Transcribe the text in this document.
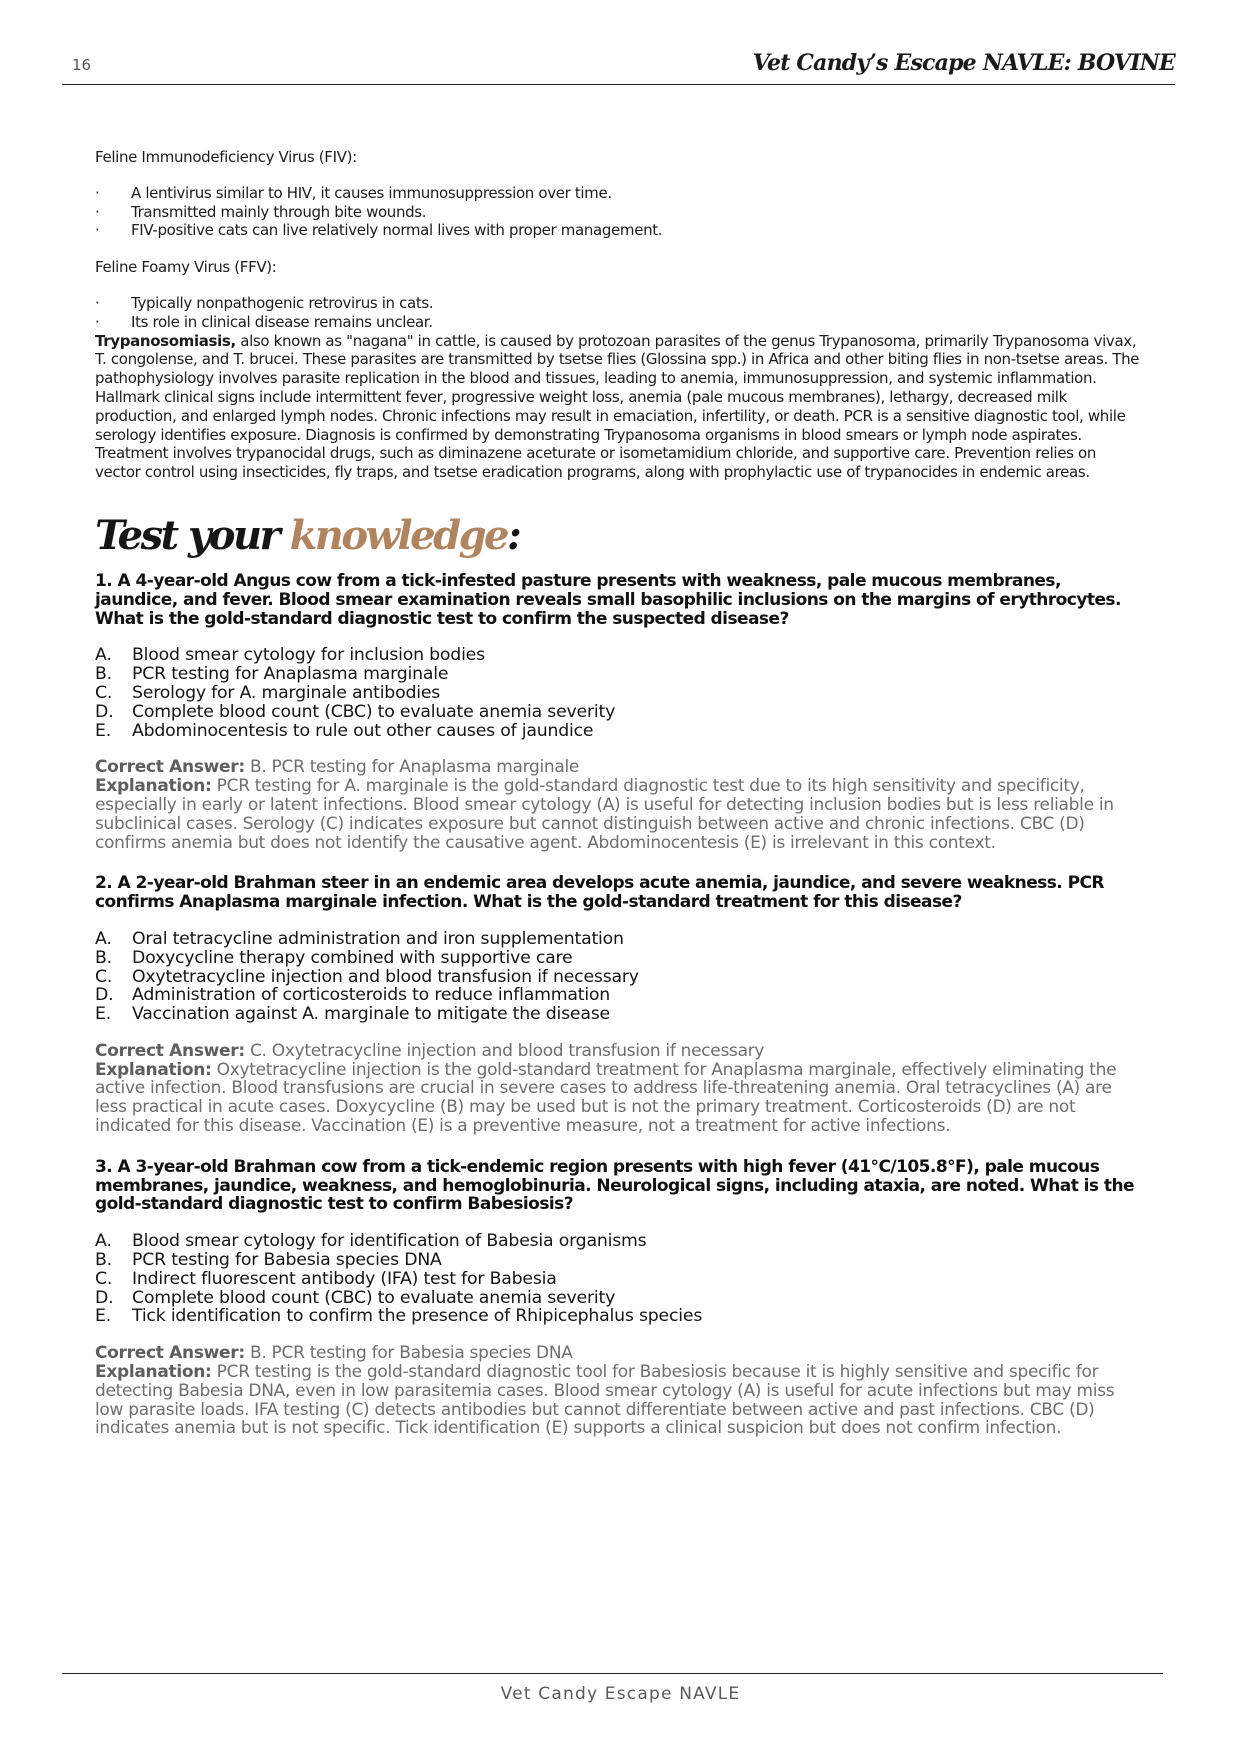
16	Vet Candy’s Escape NAVLE: BOVINE

Feline Immunodeficiency Virus (FIV):

· A lentivirus similar to HIV, it causes immunosuppression over time.
· Transmitted mainly through bite wounds.
· FIV-positive cats can live relatively normal lives with proper management.

Feline Foamy Virus (FFV):

· Typically nonpathogenic retrovirus in cats.
· Its role in clinical disease remains unclear.

Trypanosomiasis, also known as "nagana" in cattle, is caused by protozoan parasites of the genus Trypanosoma, primarily Trypanosoma vivax, T. congolense, and T. brucei. These parasites are transmitted by tsetse flies (Glossina spp.) in Africa and other biting flies in non-tsetse areas. The pathophysiology involves parasite replication in the blood and tissues, leading to anemia, immunosuppression, and systemic inflammation.

Hallmark clinical signs include intermittent fever, progressive weight loss, anemia (pale mucous membranes), lethargy, decreased milk production, and enlarged lymph nodes. Chronic infections may result in emaciation, infertility, or death. PCR is a sensitive diagnostic tool, while serology identifies exposure. Diagnosis is confirmed by demonstrating Trypanosoma organisms in blood smears or lymph node aspirates. Treatment involves trypanocidal drugs, such as diminazene aceturate or isometamidium chloride, and supportive care. Prevention relies on vector control using insecticides, fly traps, and tsetse eradication programs, along with prophylactic use of trypanocides in endemic areas.

Test your knowledge:
1. A 4-year-old Angus cow from a tick-infested pasture presents with weakness, pale mucous membranes, jaundice, and fever. Blood smear examination reveals small basophilic inclusions on the margins of erythrocytes. What is the gold-standard diagnostic test to confirm the suspected disease?
A.	Blood smear cytology for inclusion bodies
B.	PCR testing for Anaplasma marginale
C.	Serology for A. marginale antibodies
D.	Complete blood count (CBC) to evaluate anemia severity
E.	Abdominocentesis to rule out other causes of jaundice
Correct Answer: B. PCR testing for Anaplasma marginale
Explanation: PCR testing for A. marginale is the gold-standard diagnostic test due to its high sensitivity and specificity, especially in early or latent infections. Blood smear cytology (A) is useful for detecting inclusion bodies but is less reliable in subclinical cases. Serology (C) indicates exposure but cannot distinguish between active and chronic infections. CBC (D) confirms anemia but does not identify the causative agent. Abdominocentesis (E) is irrelevant in this context.
2. A 2-year-old Brahman steer in an endemic area develops acute anemia, jaundice, and severe weakness. PCR confirms Anaplasma marginale infection. What is the gold-standard treatment for this disease?
A.	Oral tetracycline administration and iron supplementation
B.	Doxycycline therapy combined with supportive care
C.	Oxytetracycline injection and blood transfusion if necessary
D.	Administration of corticosteroids to reduce inflammation
E.	Vaccination against A. marginale to mitigate the disease
Correct Answer: C. Oxytetracycline injection and blood transfusion if necessary
Explanation: Oxytetracycline injection is the gold-standard treatment for Anaplasma marginale, effectively eliminating the active infection. Blood transfusions are crucial in severe cases to address life-threatening anemia. Oral tetracyclines (A) are less practical in acute cases. Doxycycline (B) may be used but is not the primary treatment. Corticosteroids (D) are not indicated for this disease. Vaccination (E) is a preventive measure, not a treatment for active infections.
3. A 3-year-old Brahman cow from a tick-endemic region presents with high fever (41°C/105.8°F), pale mucous membranes, jaundice, weakness, and hemoglobinuria. Neurological signs, including ataxia, are noted. What is the gold-standard diagnostic test to confirm Babesiosis?
A.	Blood smear cytology for identification of Babesia organisms
B.	PCR testing for Babesia species DNA
C.	Indirect fluorescent antibody (IFA) test for Babesia
D.	Complete blood count (CBC) to evaluate anemia severity
E.	Tick identification to confirm the presence of Rhipicephalus species
Correct Answer: B. PCR testing for Babesia species DNA
Explanation: PCR testing is the gold-standard diagnostic tool for Babesiosis because it is highly sensitive and specific for detecting Babesia DNA, even in low parasitemia cases. Blood smear cytology (A) is useful for acute infections but may miss low parasite loads. IFA testing (C) detects antibodies but cannot differentiate between active and past infections. CBC (D) indicates anemia but is not specific. Tick identification (E) supports a clinical suspicion but does not confirm infection.
Vet Candy Escape NAVLE
